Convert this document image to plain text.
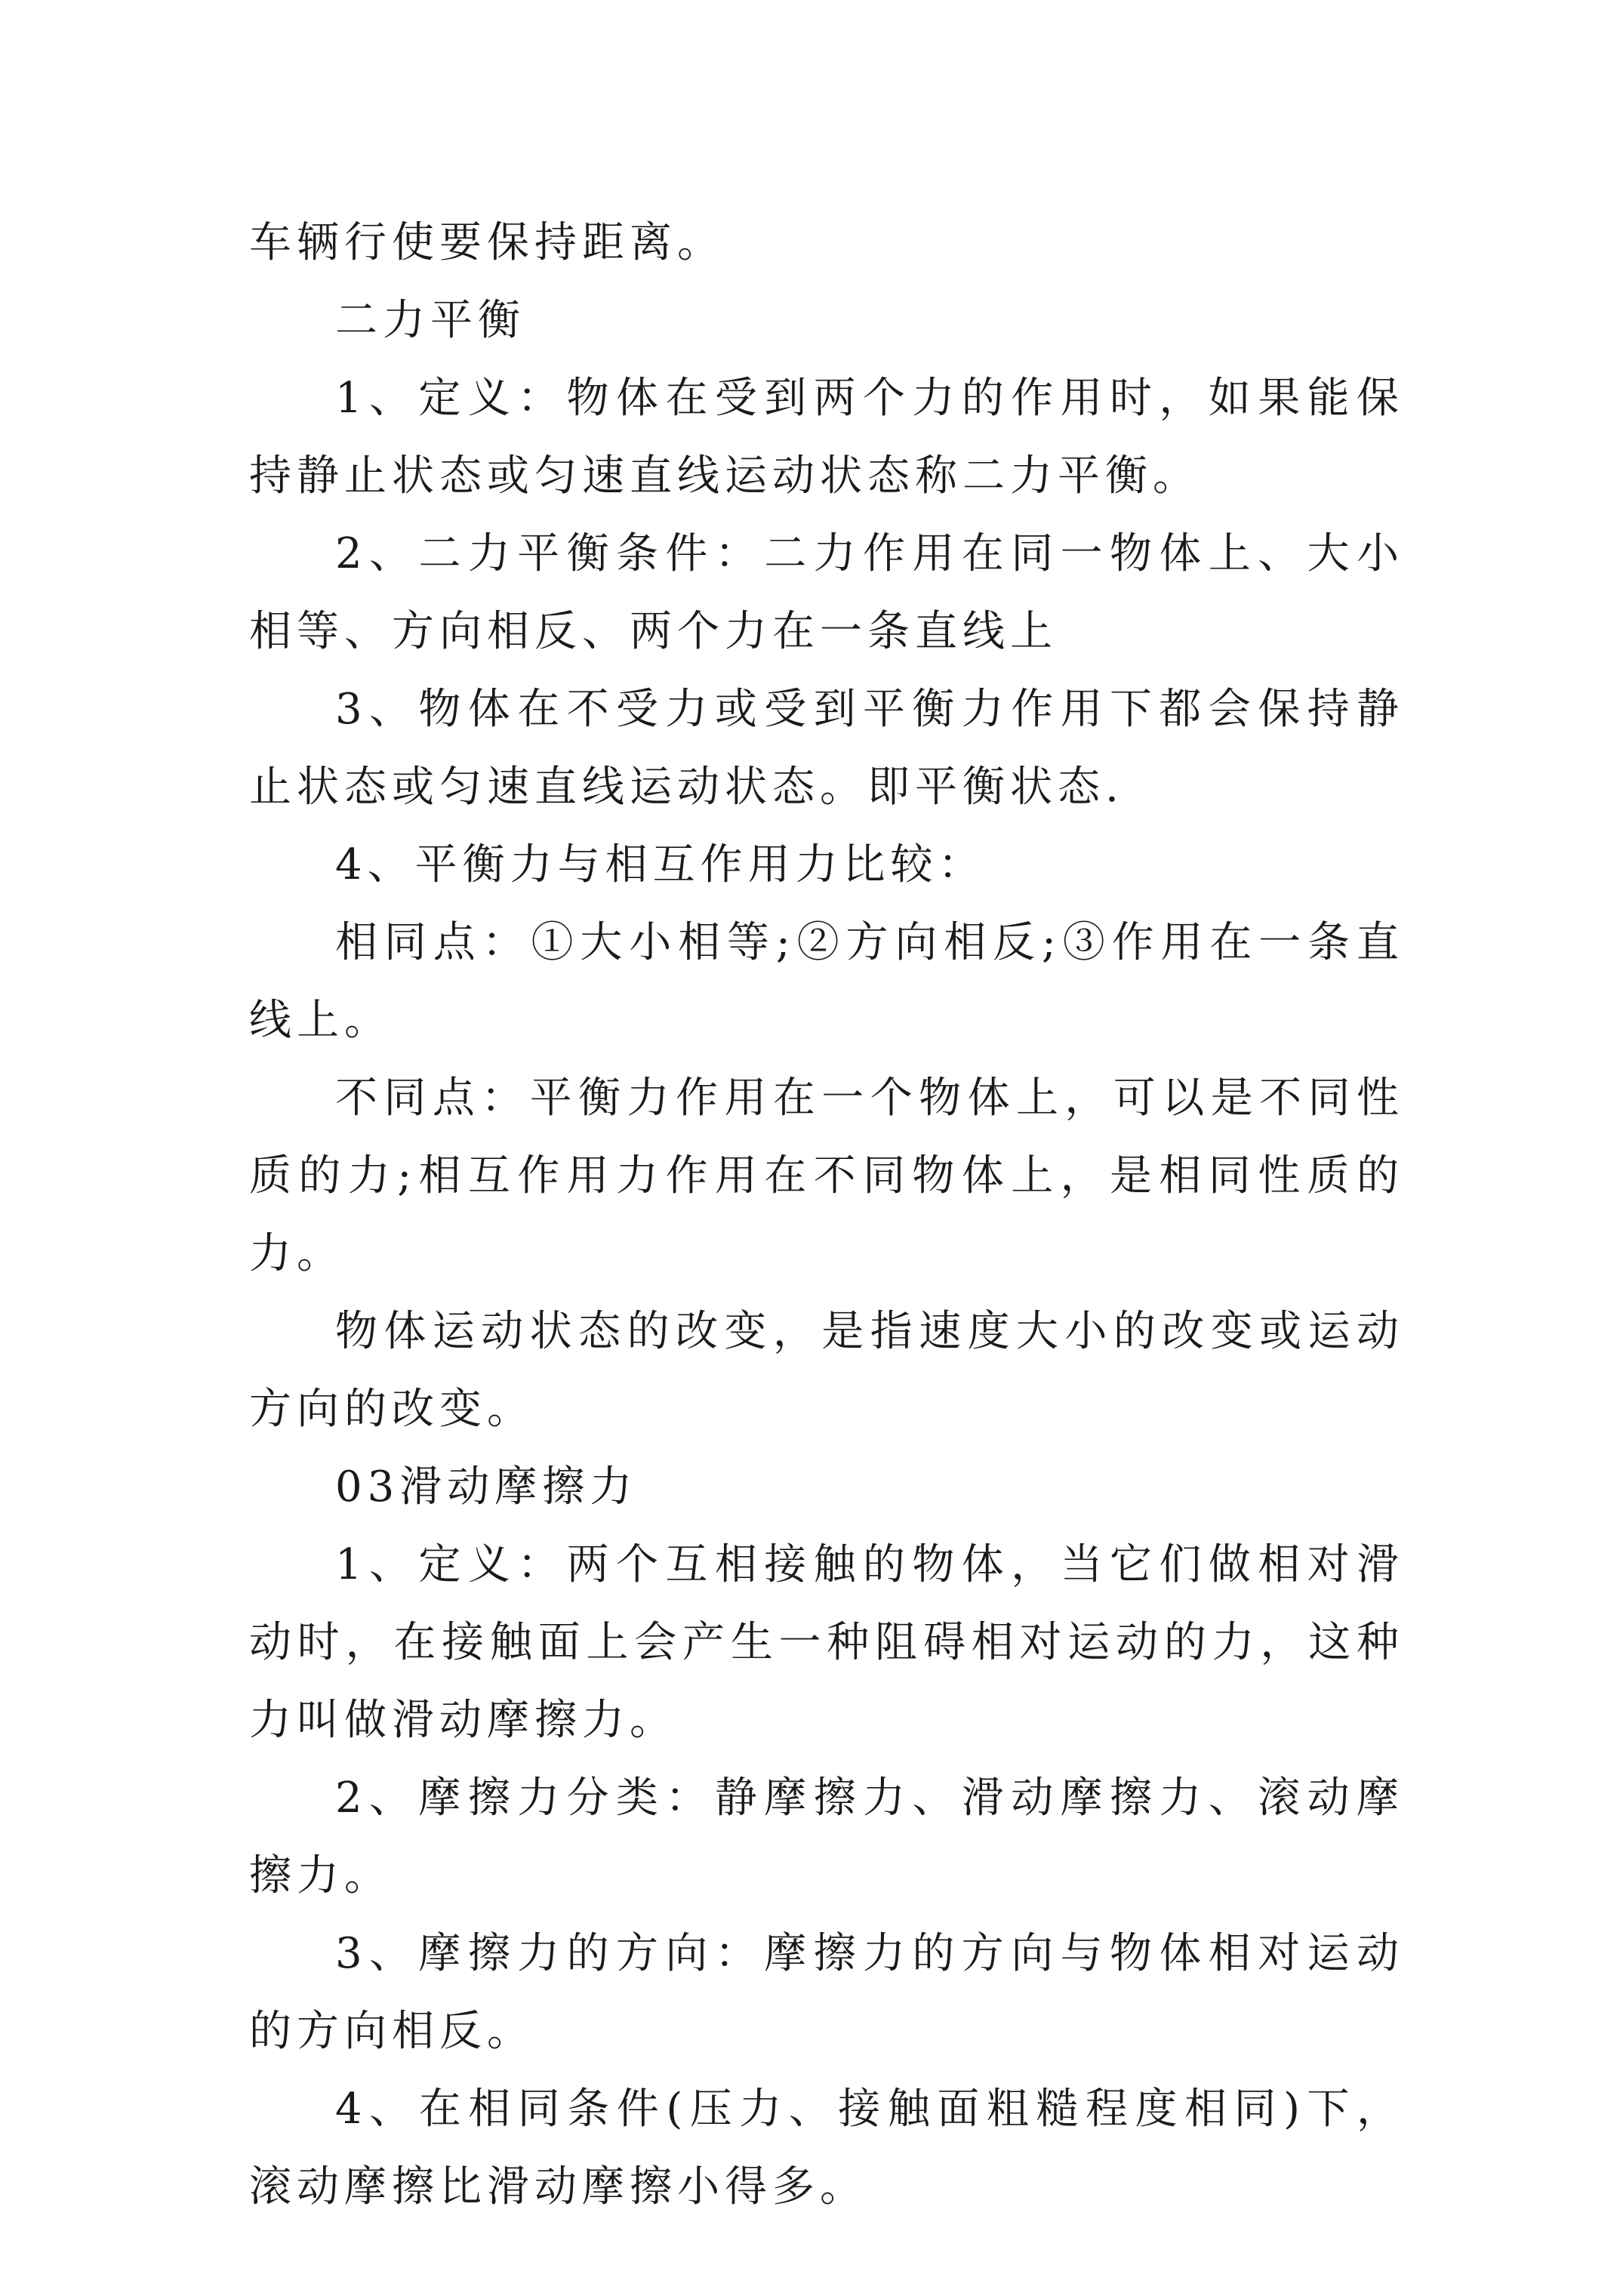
车辆行使要保持距离。

二力平衡

1、定义：物体在受到两个力的作用时，如果能保持静止状态或匀速直线运动状态称二力平衡。

2、二力平衡条件：二力作用在同一物体上、大小相等、方向相反、两个力在一条直线上

3、物体在不受力或受到平衡力作用下都会保持静止状态或匀速直线运动状态。即平衡状态.

4、平衡力与相互作用力比较：

相同点：①大小相等;②方向相反;③作用在一条直线上。

不同点：平衡力作用在一个物体上，可以是不同性质的力;相互作用力作用在不同物体上，是相同性质的力。

物体运动状态的改变，是指速度大小的改变或运动方向的改变。

03滑动摩擦力

1、定义：两个互相接触的物体，当它们做相对滑动时，在接触面上会产生一种阻碍相对运动的力，这种力叫做滑动摩擦力。

2、摩擦力分类：静摩擦力、滑动摩擦力、滚动摩擦力。

3、摩擦力的方向：摩擦力的方向与物体相对运动的方向相反。

4、在相同条件(压力、接触面粗糙程度相同)下，滚动摩擦比滑动摩擦小得多。
